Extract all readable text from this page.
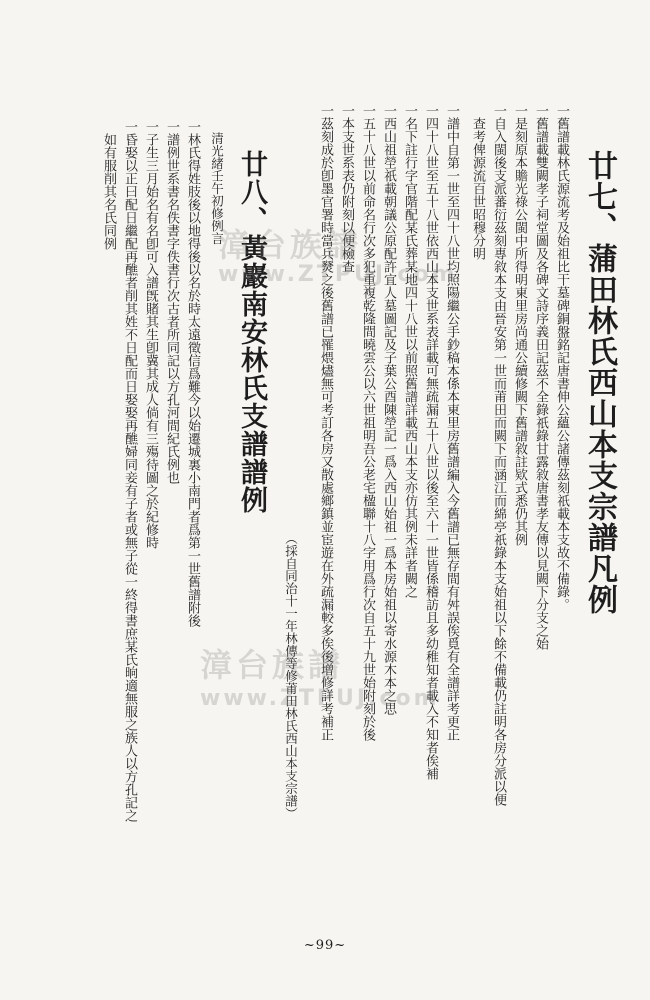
廿七、蒲田林氏西山本支宗譜凡例
一舊譜載林氏源流考及始祖比干墓碑銅盤銘記唐書伸公蘊公諸傳茲刻祇載本支故不備錄。
一舊譜載雙闕孝子祠堂圖及各碑文詩序義田記茲不全錄祇錄甘露敘唐書孝友傳以見闕下分支之始
一是刻原本贍光祿公閩中所得明東里房尚通公續修闕下舊譜敘註欵式悉仍其例
一自入閩後支派蕃衍茲刻專敘本支由晉安第一世而莆田而闕下而涵江而綿亭祇錄本支始祖以下餘不備載仍註明各房分派以便
查考俾源流百世昭穆分明
一譜中自第一世至四十八世均照陽繼公手鈔稿本係本東里房舊譜編入今舊譜已無存間有舛誤俟覓有全譜詳考更正
一四十八世至五十八世依西山本支世系表詳載可無疏漏五十八世以後至六十一世皆係稽訪且多幼稚知者載入不知者俟補
一名下註行字官階配某氏葬某地四十八世以前照舊譜詳載西山本支亦仿其例未詳者闕之
一西山祖塋祇載朝議公原配許宜人墓圖記及子葉公酉陳塋記一爲入西山始祖一爲本房始祖以寄水源木本之思
一五十八世以前命名行次多犯重複乾隆間曉雲公以六世祖明吾公老宅楹聯十八字用爲行次自五十九世始附刻於後
一本支世系表仍附刻以便檢查
一茲刻成於卽墨官署時當兵燹之後舊譜已罹煨燼無可考訂各房又散處鄉鎮並宦遊在外疏漏較多俟後增修詳考補正
（採自同治十一年林傳等修莆田林氏西山本支宗譜）
廿八、黃巖南安林氏支譜譜例
清光緒壬午初修例言
一林氏得姓肢後以地得後以名於時太遠徵信爲難今以始遷城裏小南門者爲第一世舊譜附後
一譜例世系書名佚書字佚書行次古者所同記以方孔河間紀氏例也
一子生三月始名有名卽可入譜旣賭其生卽冀其成人倘有三殤待圖之於紀修時
一昏娶以正曰配日繼配再醮者削其姓不日配而日娶娶再醮婦同妾有子者或無子從一終得書庶某氏晌適無服之族人以方孔記之
如有服削其名氏同例	漳台族譜
www.ZTPUJ.com
漳台族譜
www.ZTPUJ.com
~99~
